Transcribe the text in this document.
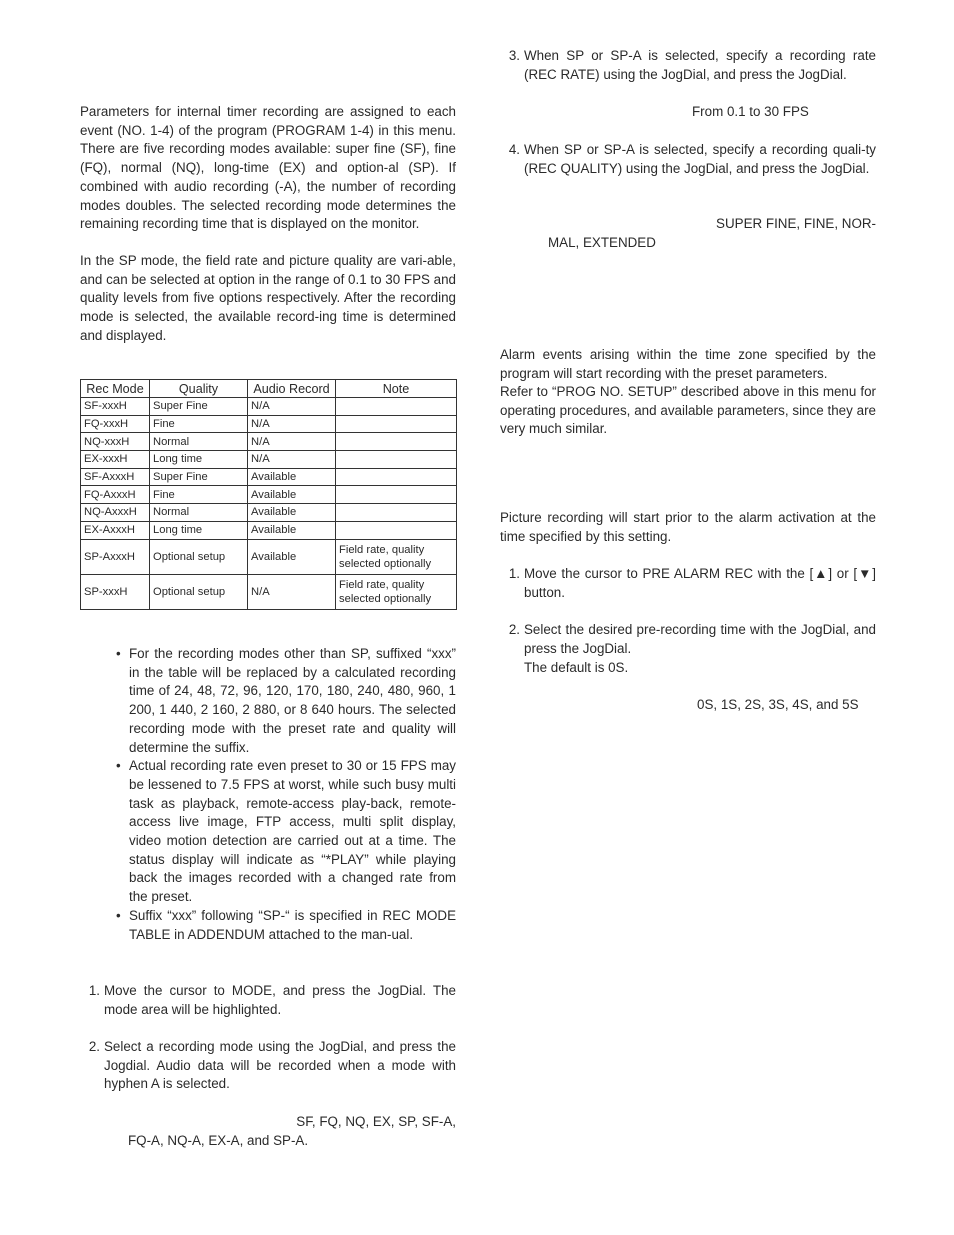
Parameters for internal timer recording are assigned to each event (NO. 1-4) of the program (PROGRAM 1-4) in this menu. There are five recording modes available: super fine (SF), fine (FQ), normal (NQ), long-time (EX) and option-al (SP). If combined with audio recording (-A), the number of recording modes doubles. The selected recording mode determines the remaining recording time that is displayed on the monitor.

In the SP mode, the field rate and picture quality are vari-able, and can be selected at option in the range of 0.1 to 30 FPS and quality levels from five options respectively. After the recording mode is selected, the available record-ing time is determined and displayed.

Rec Mode	Quality	Audio Record	Note
SF-xxxH	Super Fine	N/A	
FQ-xxxH	Fine	N/A	
NQ-xxxH	Normal	N/A	
EX-xxxH	Long time	N/A	
SF-AxxxH	Super Fine	Available	
FQ-AxxxH	Fine	Available	
NQ-AxxxH	Normal	Available	
EX-AxxxH	Long time	Available	
SP-AxxxH	Optional setup	Available	Field rate, quality selected optionally
SP-xxxH	Optional setup	N/A	Field rate, quality selected optionally
• For the recording modes other than SP, suffixed “xxx” in the table will be replaced by a calculated recording time of 24, 48, 72, 96, 120, 170, 180, 240, 480, 960, 1 200, 1 440, 2 160, 2 880, or 8 640 hours. The selected recording mode with the preset rate and quality will determine the suffix.
• Actual recording rate even preset to 30 or 15 FPS may be lessened to 7.5 FPS at worst, while such busy multi task as playback, remote-access play-back, remote-access live image, FTP access, multi split display, video motion detection are carried out at a time. The status display will indicate as “*PLAY” while playing back the images recorded with a changed rate from the preset.
• Suffix “xxx” following “SP-“ is specified in REC MODE TABLE in ADDENDUM attached to the man-ual.
1. Move the cursor to MODE, and press the JogDial. The mode area will be highlighted.
2. Select a recording mode using the JogDial, and press the Jogdial. Audio data will be recorded when a mode with hyphen A is selected.
SF, FQ, NQ, EX, SP, SF-A,
FQ-A, NQ-A, EX-A, and SP-A.
3. When SP or SP-A is selected, specify a recording rate (REC RATE) using the JogDial, and press the JogDial.
From 0.1 to 30 FPS
4. When SP or SP-A is selected, specify a recording quali-ty (REC QUALITY) using the JogDial, and press the JogDial.
SUPER FINE, FINE, NOR-
MAL, EXTENDED

Alarm events arising within the time zone specified by the program will start recording with the preset parameters.

Refer to “PROG NO. SETUP” described above in this menu for operating procedures, and available parameters, since they are very much similar.

Picture recording will start prior to the alarm activation at the time specified by this setting.

1. Move the cursor to PRE ALARM REC with the [▲] or [▼] button.
2. Select the desired pre-recording time with the JogDial, and press the JogDial.
The default is 0S.
0S, 1S, 2S, 3S, 4S, and 5S
